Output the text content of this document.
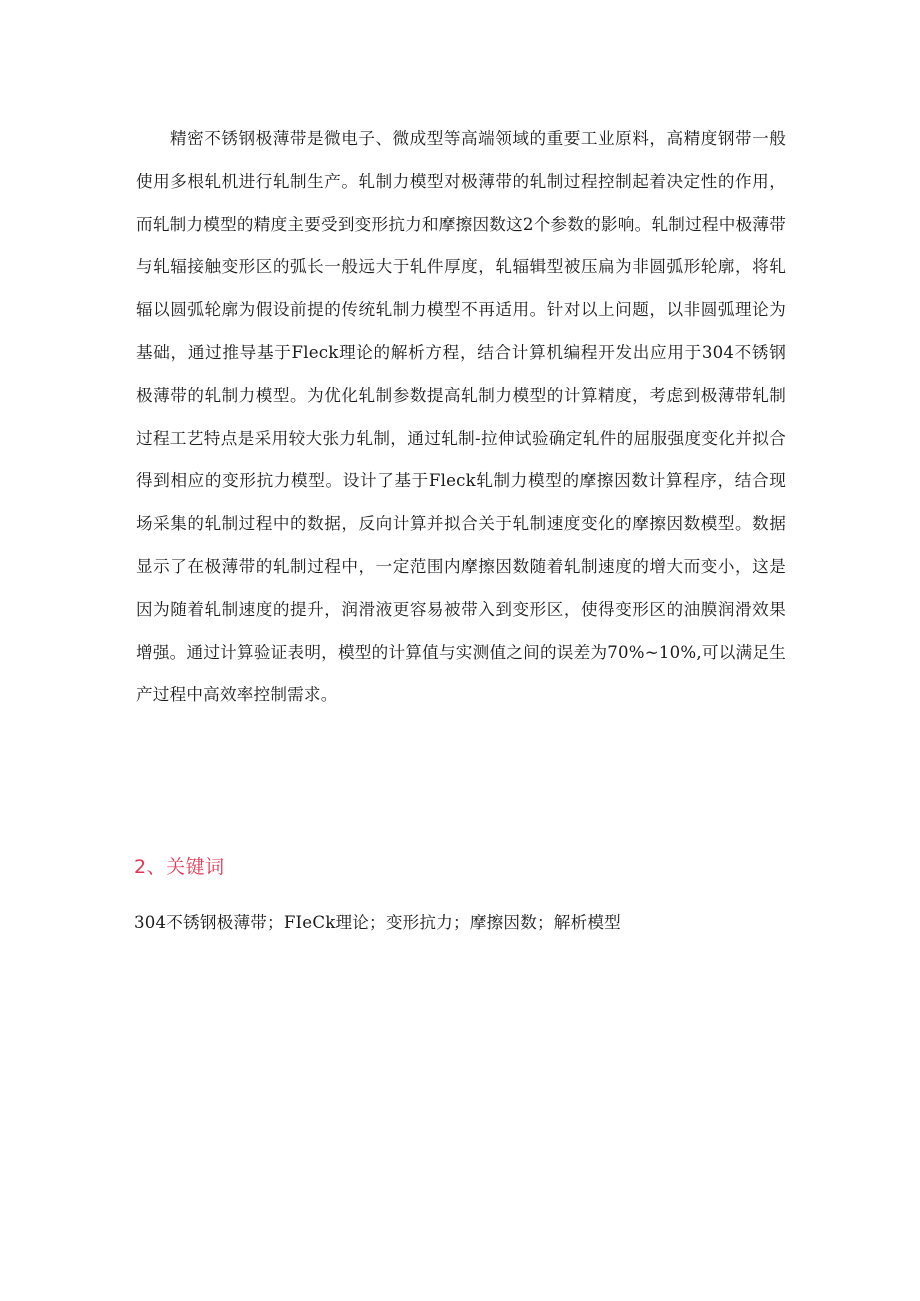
精密不锈钢极薄带是微电子、微成型等高端领域的重要工业原料，高精度钢带一般使用多根轧机进行轧制生产。轧制力模型对极薄带的轧制过程控制起着决定性的作用，而轧制力模型的精度主要受到变形抗力和摩擦因数这2个参数的影响。轧制过程中极薄带与轧辐接触变形区的弧长一般远大于轧件厚度，轧辐辑型被压扁为非圆弧形轮廓，将轧辐以圆弧轮廓为假设前提的传统轧制力模型不再适用。针对以上问题，以非圆弧理论为基础，通过推导基于Fleck理论的解析方程，结合计算机编程开发出应用于304不锈钢极薄带的轧制力模型。为优化轧制参数提高轧制力模型的计算精度，考虑到极薄带轧制过程工艺特点是采用较大张力轧制，通过轧制-拉伸试验确定轧件的屈服强度变化并拟合得到相应的变形抗力模型。设计了基于Fleck轧制力模型的摩擦因数计算程序，结合现场采集的轧制过程中的数据，反向计算并拟合关于轧制速度变化的摩擦因数模型。数据显示了在极薄带的轧制过程中，一定范围内摩擦因数随着轧制速度的增大而变小，这是因为随着轧制速度的提升，润滑液更容易被带入到变形区，使得变形区的油膜润滑效果增强。通过计算验证表明，模型的计算值与实测值之间的误差为70%~10%,可以满足生产过程中高效率控制需求。

2、关键词

304不锈钢极薄带；FIeCk理论；变形抗力；摩擦因数；解析模型
